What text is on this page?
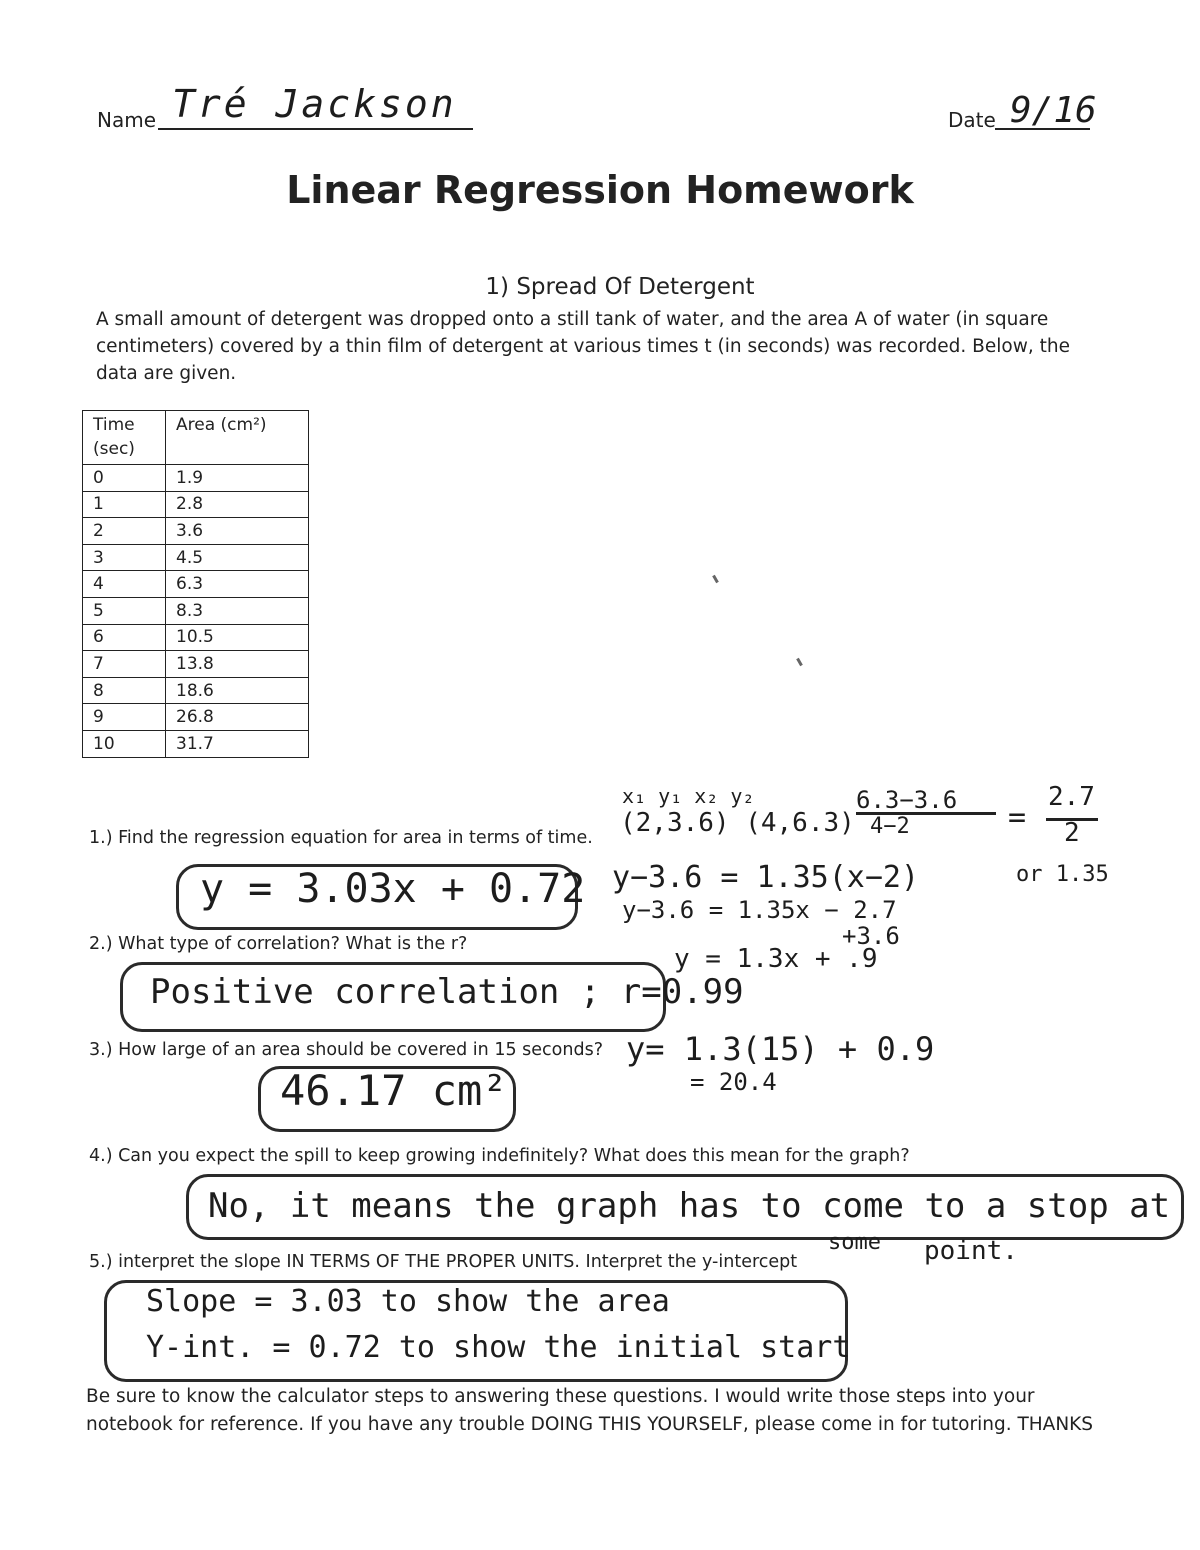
Name Tré Jackson	Date 9/16
Linear Regression Homework
1) Spread Of Detergent
A small amount of detergent was dropped onto a still tank of water, and the area A of water (in square centimeters) covered by a thin film of detergent at various times t (in seconds) was recorded. Below, the data are given.
Time (sec)	Area (cm²)
0	1.9
1	2.8
2	3.6
3	4.5
4	6.3
5	8.3
6	10.5
7	13.8
8	18.6
9	26.8
10	31.7
1.) Find the regression equation for area in terms of time.
2.) What type of correlation? What is the r?
3.) How large of an area should be covered in 15 seconds?
4.) Can you expect the spill to keep growing indefinitely? What does this mean for the graph?
5.) interpret the slope IN TERMS OF THE PROPER UNITS. Interpret the y-intercept
y = 3.03x + 0.72
Positive correlation ; r=0.99
46.17 cm²
No, it means the graph has to come to a stop at
some point.
Slope = 3.03 to show the area
Y-int. = 0.72 to show the initial start
x₁ y₁ x₂ y₂
(2,3.6) (4,6.3)
6.3−3.6
4−2	=
2.7
2
or 1.35
y−3.6 = 1.35(x−2)
y−3.6 = 1.35x − 2.7
+3.6
y = 1.3x + .9
y= 1.3(15) + 0.9
= 20.4
Be sure to know the calculator steps to answering these questions. I would write those steps into your notebook for reference. If you have any trouble DOING THIS YOURSELF, please come in for tutoring. THANKS
